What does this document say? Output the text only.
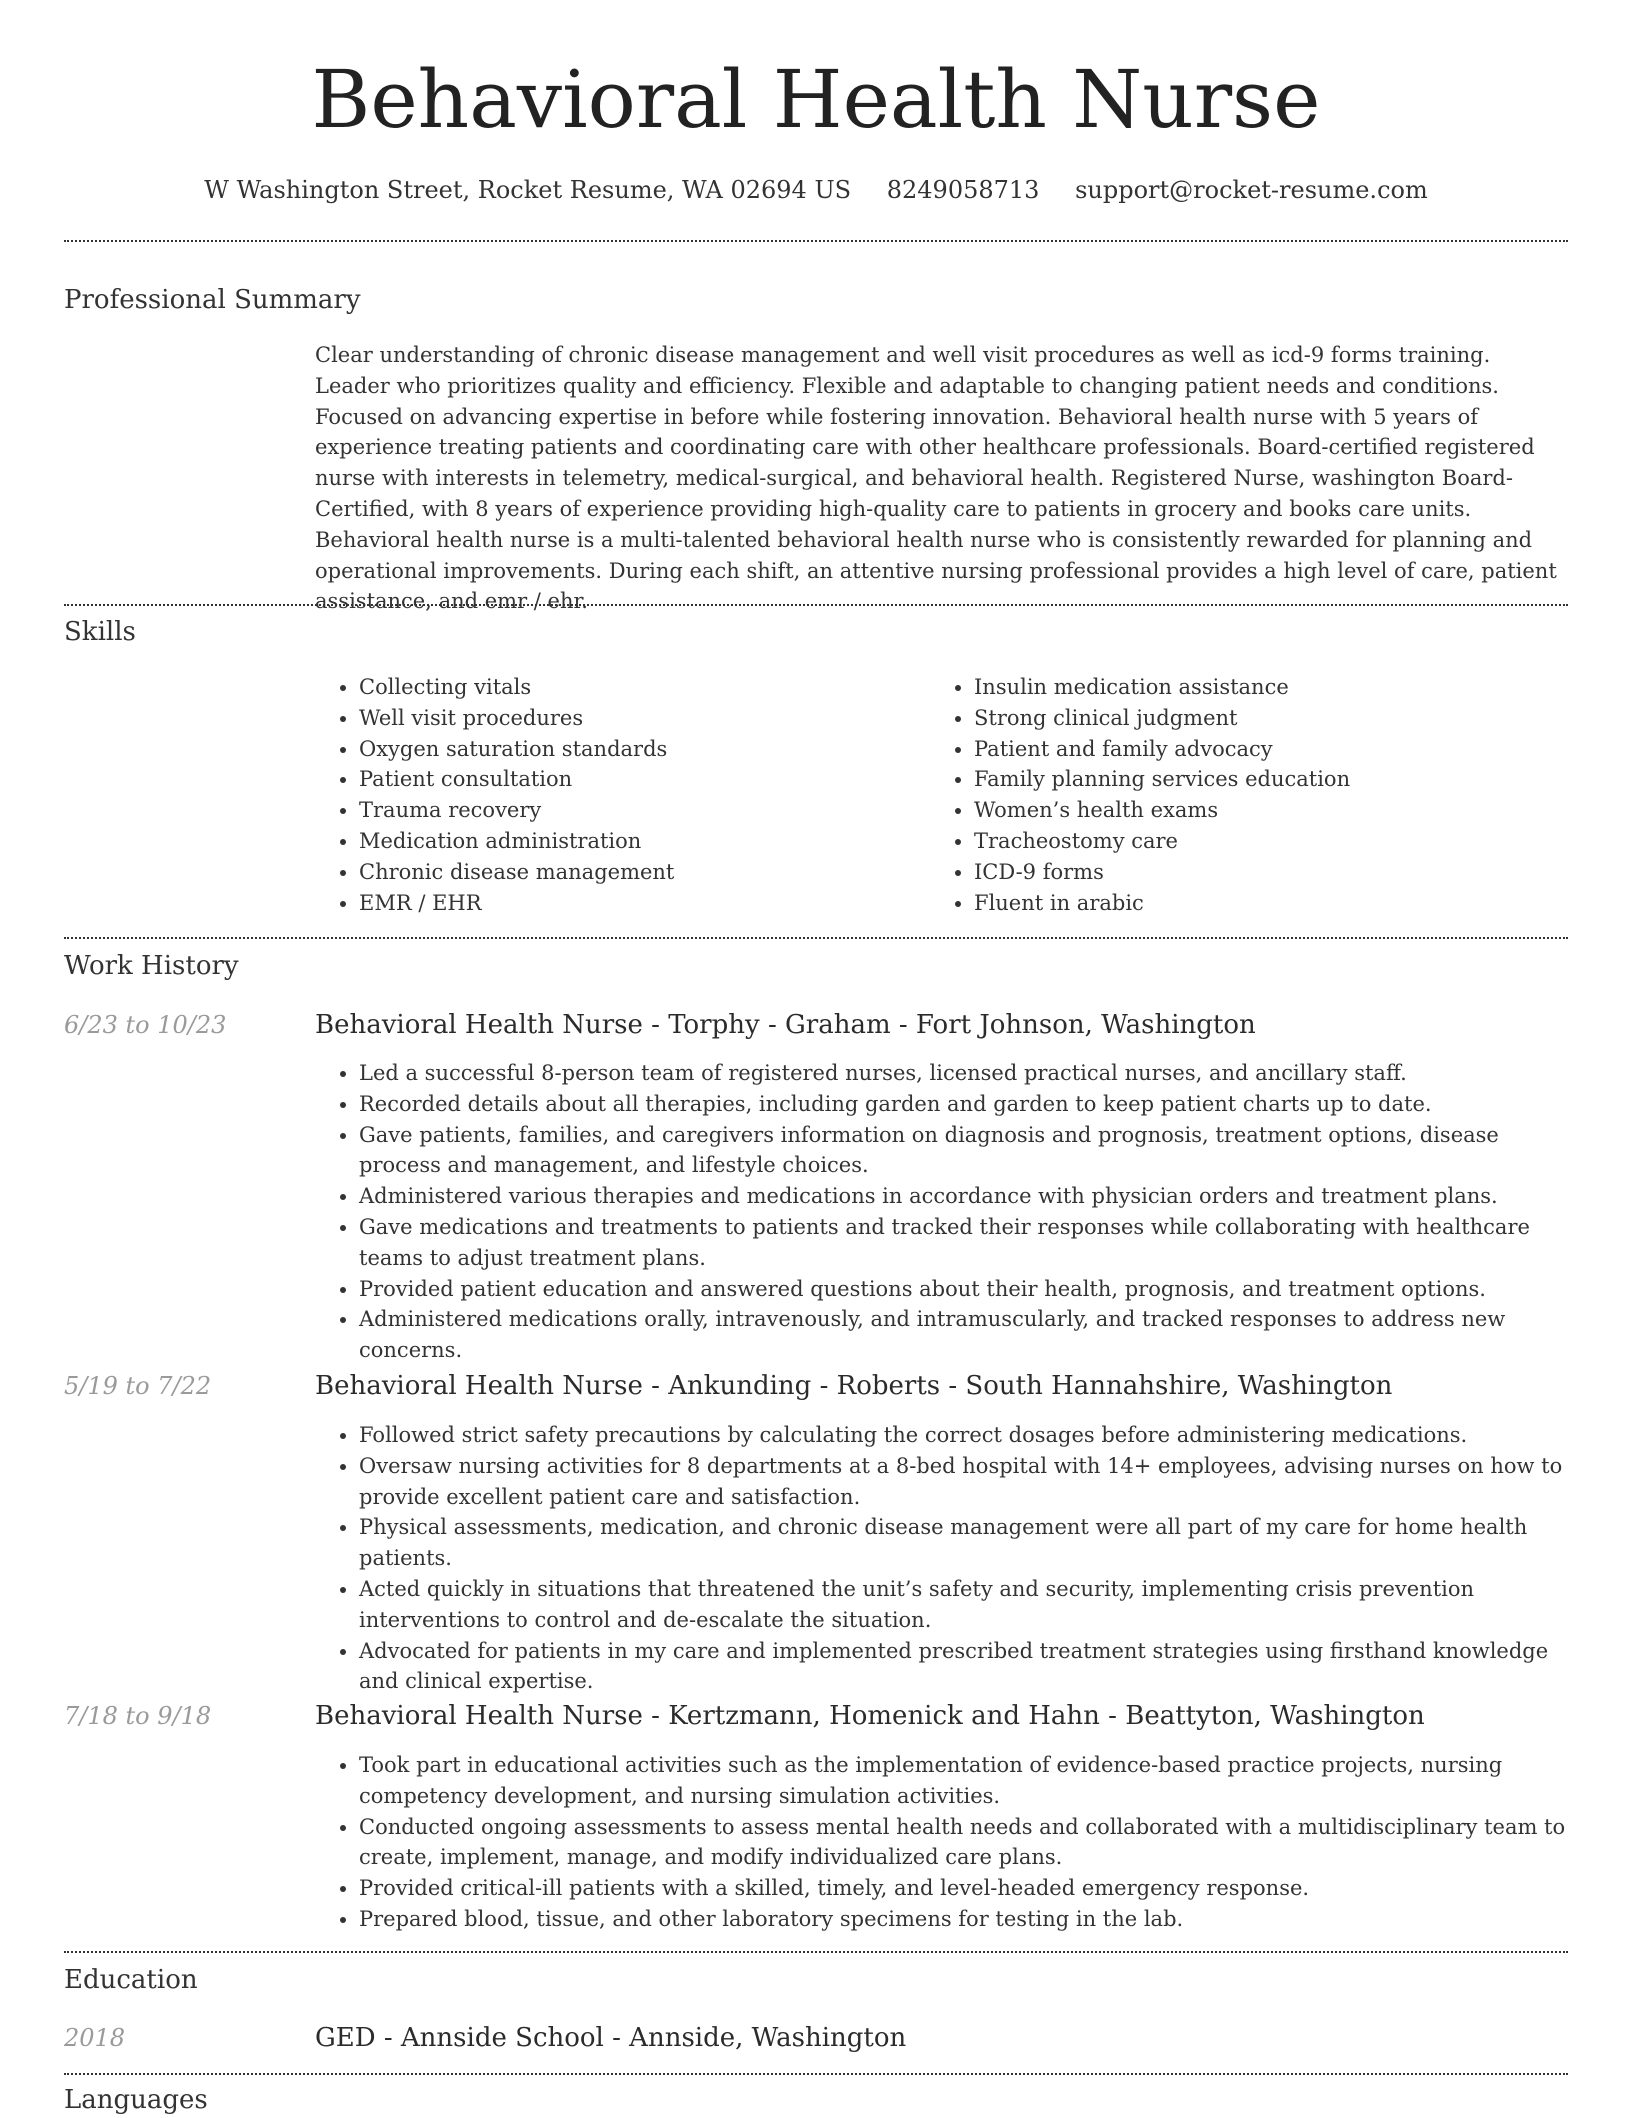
Behavioral Health Nurse
W Washington Street, Rocket Resume, WA 02694 US 8249058713 support@rocket-resume.com
Professional Summary
Clear understanding of chronic disease management and well visit procedures as well as icd-9 forms training. Leader who prioritizes quality and efficiency. Flexible and adaptable to changing patient needs and conditions. Focused on advancing expertise in before while fostering innovation. Behavioral health nurse with 5 years of experience treating patients and coordinating care with other healthcare professionals. Board-certified registered nurse with interests in telemetry, medical-surgical, and behavioral health. Registered Nurse, washington Board-Certified, with 8 years of experience providing high-quality care to patients in grocery and books care units. Behavioral health nurse is a multi-talented behavioral health nurse who is consistently rewarded for planning and operational improvements. During each shift, an attentive nursing professional provides a high level of care, patient assistance, and emr / ehr.
Skills
• Collecting vitals
• Well visit procedures
• Oxygen saturation standards
• Patient consultation
• Trauma recovery
• Medication administration
• Chronic disease management
• EMR / EHR
• Insulin medication assistance
• Strong clinical judgment
• Patient and family advocacy
• Family planning services education
• Women’s health exams
• Tracheostomy care
• ICD-9 forms
• Fluent in arabic
Work History
6/23 to 10/23	Behavioral Health Nurse - Torphy - Graham - Fort Johnson, Washington
• Led a successful 8-person team of registered nurses, licensed practical nurses, and ancillary staff.
• Recorded details about all therapies, including garden and garden to keep patient charts up to date.
• Gave patients, families, and caregivers information on diagnosis and prognosis, treatment options, disease process and management, and lifestyle choices.
• Administered various therapies and medications in accordance with physician orders and treatment plans.
• Gave medications and treatments to patients and tracked their responses while collaborating with healthcare teams to adjust treatment plans.
• Provided patient education and answered questions about their health, prognosis, and treatment options.
• Administered medications orally, intravenously, and intramuscularly, and tracked responses to address new concerns.
5/19 to 7/22	Behavioral Health Nurse - Ankunding - Roberts - South Hannahshire, Washington
• Followed strict safety precautions by calculating the correct dosages before administering medications.
• Oversaw nursing activities for 8 departments at a 8-bed hospital with 14+ employees, advising nurses on how to provide excellent patient care and satisfaction.
• Physical assessments, medication, and chronic disease management were all part of my care for home health patients.
• Acted quickly in situations that threatened the unit’s safety and security, implementing crisis prevention interventions to control and de-escalate the situation.
• Advocated for patients in my care and implemented prescribed treatment strategies using firsthand knowledge and clinical expertise.
7/18 to 9/18	Behavioral Health Nurse - Kertzmann, Homenick and Hahn - Beattyton, Washington
• Took part in educational activities such as the implementation of evidence-based practice projects, nursing competency development, and nursing simulation activities.
• Conducted ongoing assessments to assess mental health needs and collaborated with a multidisciplinary team to create, implement, manage, and modify individualized care plans.
• Provided critical-ill patients with a skilled, timely, and level-headed emergency response.
• Prepared blood, tissue, and other laboratory specimens for testing in the lab.
Education
2018	GED - Annside School - Annside, Washington
Languages
